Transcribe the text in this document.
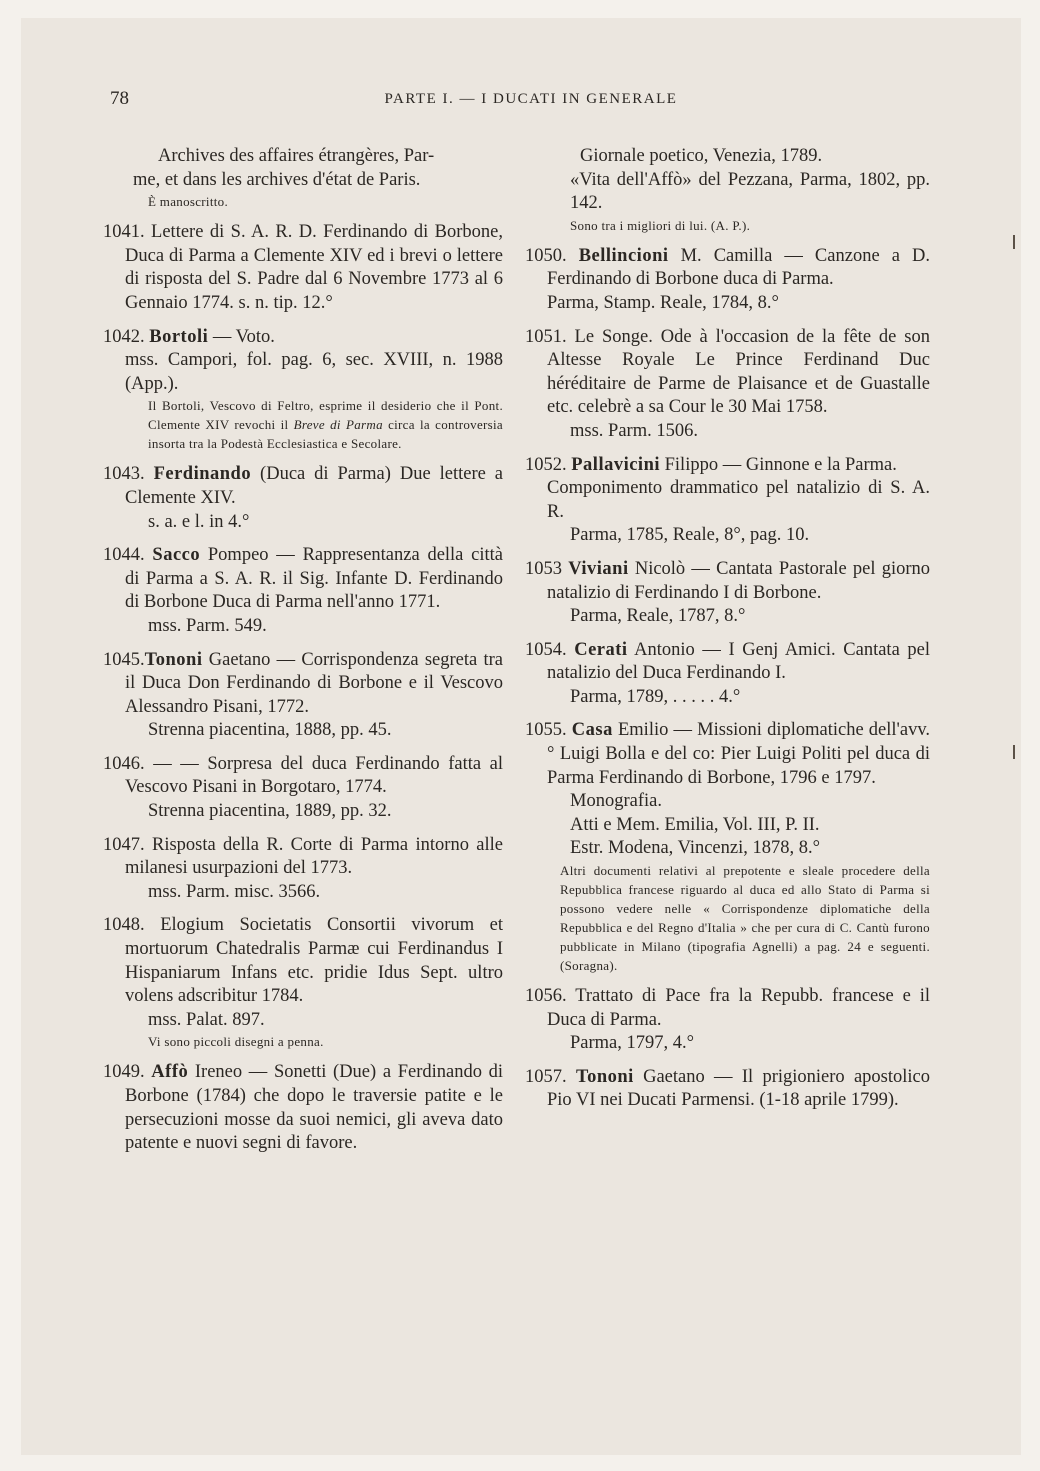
78	PARTE I. — I DUCATI IN GENERALE
Archives des affaires étrangères, Par-
me, et dans les archives d'état de Paris.
È manoscritto.
1041. Lettere di S. A. R. D. Ferdinando di Borbone, Duca di Parma a Clemente XIV ed i brevi o lettere di risposta del S. Padre dal 6 Novembre 1773 al 6 Gennaio 1774. s. n. tip. 12.°
1042. Bortoli — Voto.
mss. Campori, fol. pag. 6, sec. XVIII, n. 1988 (App.).
Il Bortoli, Vescovo di Feltro, esprime il desiderio che il Pont. Clemente XIV revochi il Breve di Parma circa la controversia insorta tra la Podestà Ecclesiastica e Secolare.
1043. Ferdinando (Duca di Parma) Due lettere a Clemente XIV.
s. a. e l. in 4.°
1044. Sacco Pompeo — Rappresentanza della città di Parma a S. A. R. il Sig. Infante D. Ferdinando di Borbone Duca di Parma nell'anno 1771.
mss. Parm. 549.
1045.Tononi Gaetano — Corrispondenza segreta tra il Duca Don Ferdinando di Borbone e il Vescovo Alessandro Pisani, 1772.
Strenna piacentina, 1888, pp. 45.
1046. — — Sorpresa del duca Ferdinando fatta al Vescovo Pisani in Borgotaro, 1774.
Strenna piacentina, 1889, pp. 32.
1047. Risposta della R. Corte di Parma intorno alle milanesi usurpazioni del 1773.
mss. Parm. misc. 3566.
1048. Elogium Societatis Consortii vivorum et mortuorum Chatedralis Parmæ cui Ferdinandus I Hispaniarum Infans etc. pridie Idus Sept. ultro volens adscribitur 1784.
mss. Palat. 897.
Vi sono piccoli disegni a penna.
1049. Affò Ireneo — Sonetti (Due) a Ferdinando di Borbone (1784) che dopo le traversie patite e le persecuzioni mosse da suoi nemici, gli aveva dato patente e nuovi segni di favore.
Giornale poetico, Venezia, 1789.
«Vita dell'Affò» del Pezzana, Parma, 1802, pp. 142.
Sono tra i migliori di lui. (A. P.).
1050. Bellincioni M. Camilla — Canzone a D. Ferdinando di Borbone duca di Parma.
Parma, Stamp. Reale, 1784, 8.°
1051. Le Songe. Ode à l'occasion de la fête de son Altesse Royale Le Prince Ferdinand Duc héréditaire de Parme de Plaisance et de Guastalle etc. celebrè a sa Cour le 30 Mai 1758.
mss. Parm. 1506.
1052. Pallavicini Filippo — Ginnone e la Parma.
Componimento drammatico pel natalizio di S. A. R.
Parma, 1785, Reale, 8°, pag. 10.
1053 Viviani Nicolò — Cantata Pastorale pel giorno natalizio di Ferdinando I di Borbone.
Parma, Reale, 1787, 8.°
1054. Cerati Antonio — I Genj Amici. Cantata pel natalizio del Duca Ferdinando I.
Parma, 1789, . . . . . 4.°
1055. Casa Emilio — Missioni diplomatiche dell'avv.° Luigi Bolla e del co: Pier Luigi Politi pel duca di Parma Ferdinando di Borbone, 1796 e 1797.
Monografia.
Atti e Mem. Emilia, Vol. III, P. II.
Estr. Modena, Vincenzi, 1878, 8.°
Altri documenti relativi al prepotente e sleale procedere della Repubblica francese riguardo al duca ed allo Stato di Parma si possono vedere nelle « Corrispondenze diplomatiche della Repubblica e del Regno d'Italia » che per cura di C. Cantù furono pubblicate in Milano (tipografia Agnelli) a pag. 24 e seguenti. (Soragna).
1056. Trattato di Pace fra la Repubb. francese e il Duca di Parma.
Parma, 1797, 4.°
1057. Tononi Gaetano — Il prigioniero apostolico Pio VI nei Ducati Parmensi. (1-18 aprile 1799).
